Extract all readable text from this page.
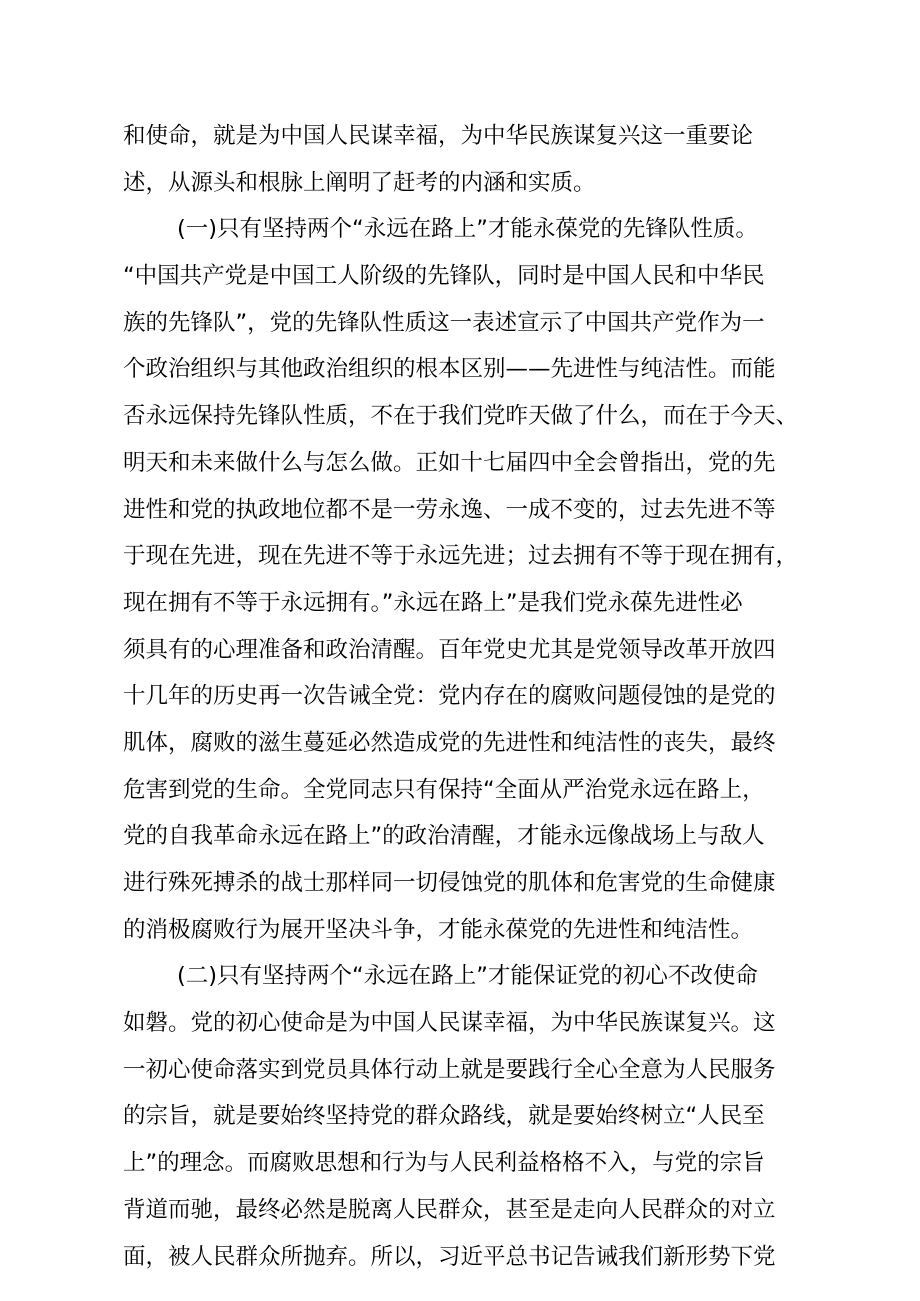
和使命，就是为中国人民谋幸福，为中华民族谋复兴这一重要论
述，从源头和根脉上阐明了赶考的内涵和实质。
(一)只有坚持两个“永远在路上”才能永葆党的先锋队性质。
“中国共产党是中国工人阶级的先锋队，同时是中国人民和中华民
族的先锋队”，党的先锋队性质这一表述宣示了中国共产党作为一
个政治组织与其他政治组织的根本区别——先进性与纯洁性。而能
否永远保持先锋队性质，不在于我们党昨天做了什么，而在于今天、
明天和未来做什么与怎么做。正如十七届四中全会曾指出，党的先
进性和党的执政地位都不是一劳永逸、一成不变的，过去先进不等
于现在先进，现在先进不等于永远先进；过去拥有不等于现在拥有，
现在拥有不等于永远拥有。”永远在路上”是我们党永葆先进性必
须具有的心理准备和政治清醒。百年党史尤其是党领导改革开放四
十几年的历史再一次告诫全党：党内存在的腐败问题侵蚀的是党的
肌体，腐败的滋生蔓延必然造成党的先进性和纯洁性的丧失，最终
危害到党的生命。全党同志只有保持“全面从严治党永远在路上，
党的自我革命永远在路上”的政治清醒，才能永远像战场上与敌人
进行殊死搏杀的战士那样同一切侵蚀党的肌体和危害党的生命健康
的消极腐败行为展开坚决斗争，才能永葆党的先进性和纯洁性。
(二)只有坚持两个“永远在路上”才能保证党的初心不改使命
如磐。党的初心使命是为中国人民谋幸福，为中华民族谋复兴。这
一初心使命落实到党员具体行动上就是要践行全心全意为人民服务
的宗旨，就是要始终坚持党的群众路线，就是要始终树立“人民至
上”的理念。而腐败思想和行为与人民利益格格不入，与党的宗旨
背道而驰，最终必然是脱离人民群众，甚至是走向人民群众的对立
面，被人民群众所抛弃。所以，习近平总书记告诫我们新形势下党
